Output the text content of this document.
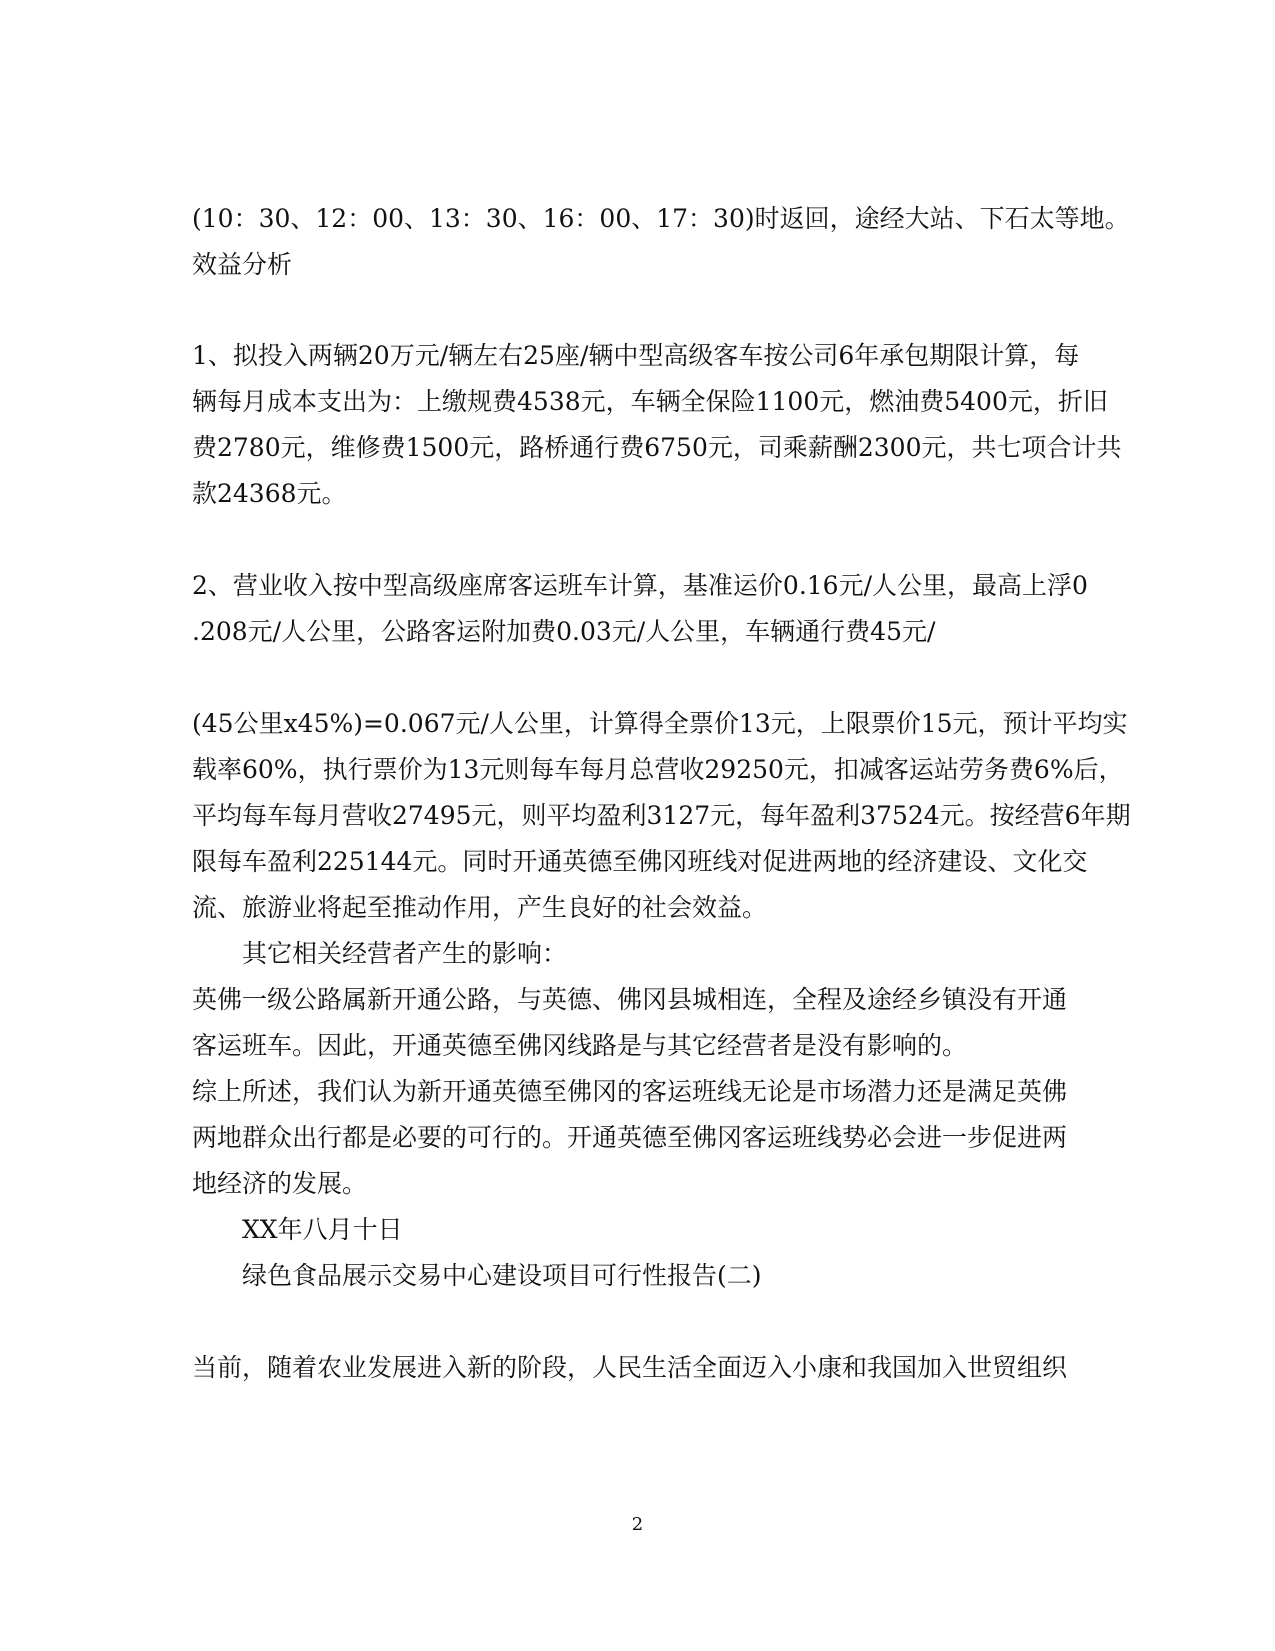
(10：30、12：00、13：30、16：00、17：30)时返回，途经大站、下石太等地。
效益分析
1、拟投入两辆20万元/辆左右25座/辆中型高级客车按公司6年承包期限计算，每
辆每月成本支出为：上缴规费4538元，车辆全保险1100元，燃油费5400元，折旧
费2780元，维修费1500元，路桥通行费6750元，司乘薪酬2300元，共七项合计共
款24368元。
2、营业收入按中型高级座席客运班车计算，基准运价0.16元/人公里，最高上浮0
.208元/人公里，公路客运附加费0.03元/人公里，车辆通行费45元/
(45公里x45%)=0.067元/人公里，计算得全票价13元，上限票价15元，预计平均实
载率60%，执行票价为13元则每车每月总营收29250元，扣减客运站劳务费6%后，
平均每车每月营收27495元，则平均盈利3127元，每年盈利37524元。按经营6年期
限每车盈利225144元。同时开通英德至佛冈班线对促进两地的经济建设、文化交
流、旅游业将起至推动作用，产生良好的社会效益。
其它相关经营者产生的影响：
英佛一级公路属新开通公路，与英德、佛冈县城相连，全程及途经乡镇没有开通
客运班车。因此，开通英德至佛冈线路是与其它经营者是没有影响的。
综上所述，我们认为新开通英德至佛冈的客运班线无论是市场潜力还是满足英佛
两地群众出行都是必要的可行的。开通英德至佛冈客运班线势必会进一步促进两
地经济的发展。
XX年八月十日
绿色食品展示交易中心建设项目可行性报告(二)
当前，随着农业发展进入新的阶段，人民生活全面迈入小康和我国加入世贸组织
2
